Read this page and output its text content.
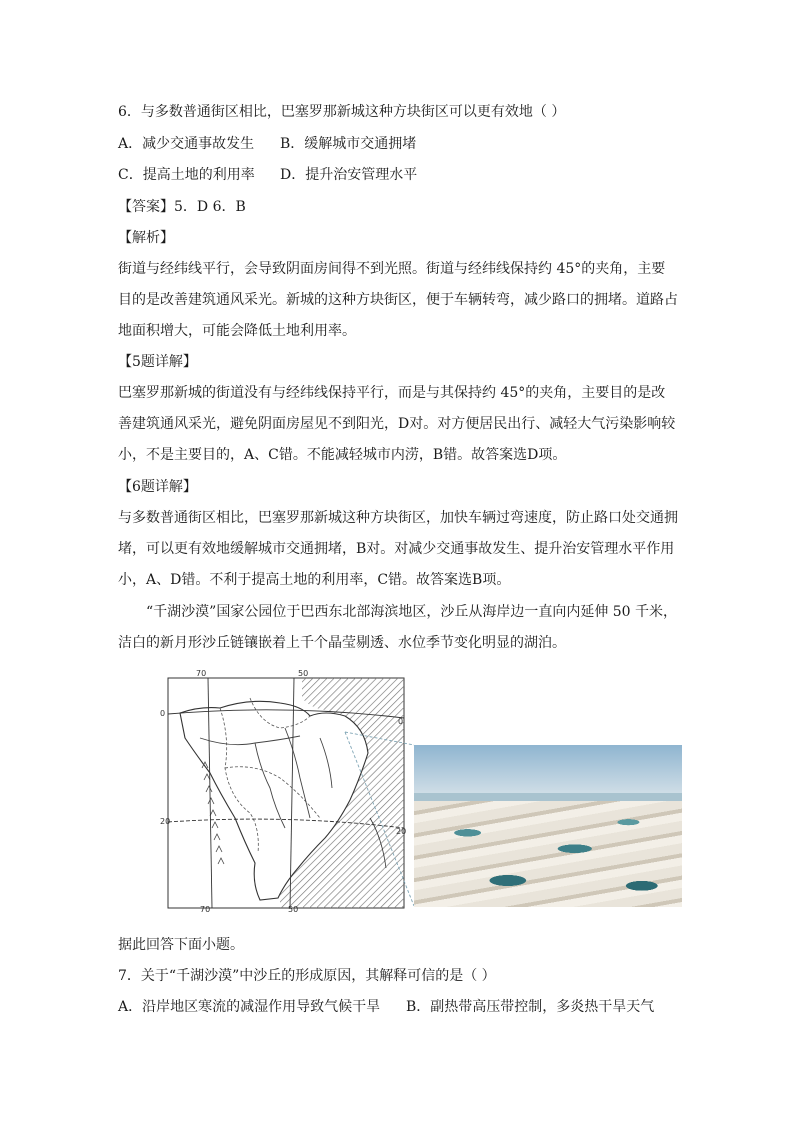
6．与多数普通街区相比，巴塞罗那新城这种方块街区可以更有效地（ ）
A．减少交通事故发生 B．缓解城市交通拥堵
C．提高土地的利用率 D．提升治安管理水平
【答案】5．D 6．B
【解析】
街道与经纬线平行，会导致阴面房间得不到光照。街道与经纬线保持约 45°的夹角，主要
目的是改善建筑通风采光。新城的这种方块街区，便于车辆转弯，减少路口的拥堵。道路占
地面积增大，可能会降低土地利用率。
【5题详解】
巴塞罗那新城的街道没有与经纬线保持平行，而是与其保持约 45°的夹角，主要目的是改
善建筑通风采光，避免阴面房屋见不到阳光，D对。对方便居民出行、减轻大气污染影响较
小，不是主要目的，A、C错。不能减轻城市内涝，B错。故答案选D项。
【6题详解】
与多数普通街区相比，巴塞罗那新城这种方块街区，加快车辆过弯速度，防止路口处交通拥
堵，可以更有效地缓解城市交通拥堵，B对。对减少交通事故发生、提升治安管理水平作用
小，A、D错。不利于提高土地的利用率，C错。故答案选B项。
“千湖沙漠”国家公园位于巴西东北部海滨地区，沙丘从海岸边一直向内延伸 50 千米，
洁白的新月形沙丘链镶嵌着上千个晶莹剔透、水位季节变化明显的湖泊。
70	50
70	50
0
20
0
20
据此回答下面小题。
7．关于“千湖沙漠”中沙丘的形成原因，其解释可信的是（ ）
A．沿岸地区寒流的减湿作用导致气候干旱 B．副热带高压带控制，多炎热干旱天气
